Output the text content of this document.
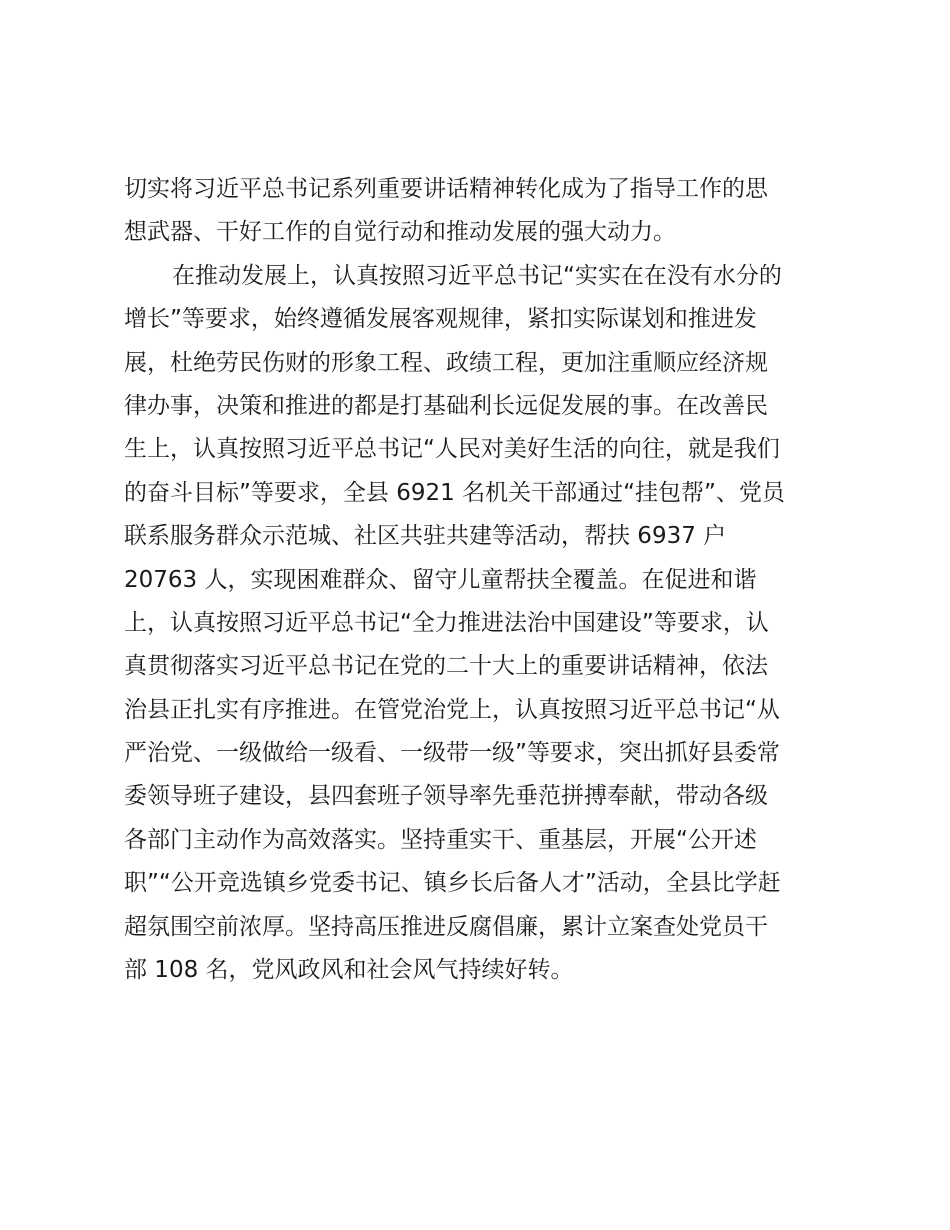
切实将习近平总书记系列重要讲话精神转化成为了指导工作的思
想武器、干好工作的自觉行动和推动发展的强大动力。
在推动发展上，认真按照习近平总书记“实实在在没有水分的
增长”等要求，始终遵循发展客观规律，紧扣实际谋划和推进发
展，杜绝劳民伤财的形象工程、政绩工程，更加注重顺应经济规
律办事，决策和推进的都是打基础利长远促发展的事。在改善民
生上，认真按照习近平总书记“人民对美好生活的向往，就是我们
的奋斗目标”等要求，全县 6921 名机关干部通过“挂包帮”、党员
联系服务群众示范城、社区共驻共建等活动，帮扶 6937 户
20763 人，实现困难群众、留守儿童帮扶全覆盖。在促进和谐
上，认真按照习近平总书记“全力推进法治中国建设”等要求，认
真贯彻落实习近平总书记在党的二十大上的重要讲话精神，依法
治县正扎实有序推进。在管党治党上，认真按照习近平总书记“从
严治党、一级做给一级看、一级带一级”等要求，突出抓好县委常
委领导班子建设，县四套班子领导率先垂范拼搏奉献，带动各级
各部门主动作为高效落实。坚持重实干、重基层，开展“公开述
职”“公开竞选镇乡党委书记、镇乡长后备人才”活动，全县比学赶
超氛围空前浓厚。坚持高压推进反腐倡廉，累计立案查处党员干
部 108 名，党风政风和社会风气持续好转。
